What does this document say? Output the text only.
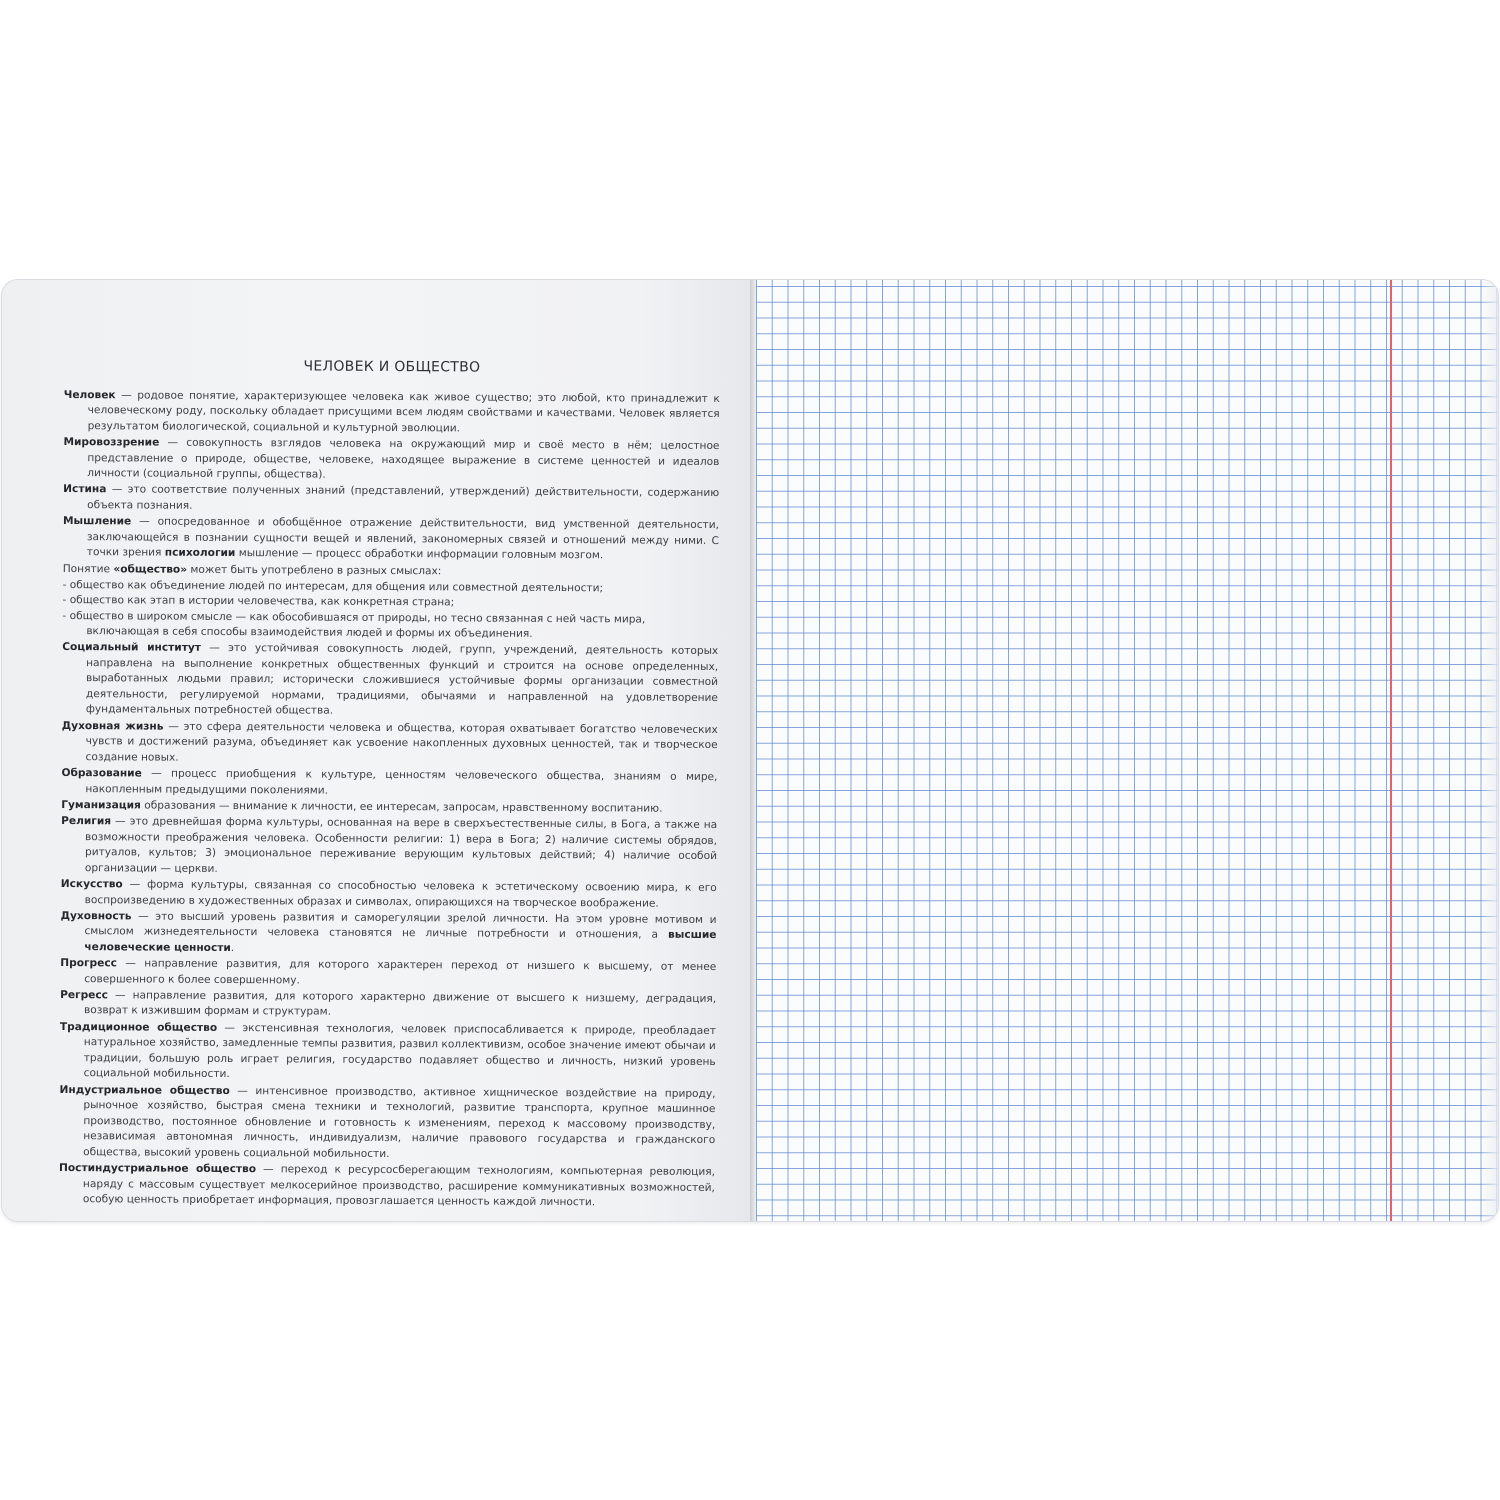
ЧЕЛОВЕК И ОБЩЕСТВО

Человек — родовое понятие, характеризующее человека как живое существо; это любой, кто принадлежит к человеческому роду, поскольку обладает присущими всем людям свойствами и качествами. Человек является результатом биологической, социальной и культурной эволюции.

Мировоззрение — совокупность взглядов человека на окружающий мир и своё место в нём; целостное представление о природе, обществе, человеке, находящее выражение в системе ценностей и идеалов личности (социальной группы, общества).

Истина — это соответствие полученных знаний (представлений, утверждений) действительности, содержанию объекта познания.

Мышление — опосредованное и обобщённое отражение действительности, вид умственной деятельности, заключающейся в познании сущности вещей и явлений, закономерных связей и отношений между ними. С точки зрения психологии мышление — процесс обработки информации головным мозгом.

Понятие «общество» может быть употреблено в разных смыслах:

- общество как объединение людей по интересам, для общения или совместной деятельности;

- общество как этап в истории человечества, как конкретная страна;

- общество в широком смысле — как обособившаяся от природы, но тесно связанная с ней часть мира, включающая в себя способы взаимодействия людей и формы их объединения.

Социальный институт — это устойчивая совокупность людей, групп, учреждений, деятельность которых направлена на выполнение конкретных общественных функций и строится на основе определенных, выработанных людьми правил; исторически сложившиеся устойчивые формы организации совместной деятельности, регулируемой нормами, традициями, обычаями и направленной на удовлетворение фундаментальных потребностей общества.

Духовная жизнь — это сфера деятельности человека и общества, которая охватывает богатство человеческих чувств и достижений разума, объединяет как усвоение накопленных духовных ценностей, так и творческое создание новых.

Образование — процесс приобщения к культуре, ценностям человеческого общества, знаниям о мире, накопленным предыдущими поколениями.

Гуманизация образования — внимание к личности, ее интересам, запросам, нравственному воспитанию.

Религия — это древнейшая форма культуры, основанная на вере в сверхъестественные силы, в Бога, а также на возможности преображения человека. Особенности религии: 1) вера в Бога; 2) наличие системы обрядов, ритуалов, культов; 3) эмоциональное переживание верующим культовых действий; 4) наличие особой организации — церкви.

Искусство — форма культуры, связанная со способностью человека к эстетическому освоению мира, к его воспроизведению в художественных образах и символах, опирающихся на творческое воображение.

Духовность — это высший уровень развития и саморегуляции зрелой личности. На этом уровне мотивом и смыслом жизнедеятельности человека становятся не личные потребности и отношения, а высшие человеческие ценности.

Прогресс — направление развития, для которого характерен переход от низшего к высшему, от менее совершенного к более совершенному.

Регресс — направление развития, для которого характерно движение от высшего к низшему, деградация, возврат к изжившим формам и структурам.

Традиционное общество — экстенсивная технология, человек приспосабливается к природе, преобладает натуральное хозяйство, замедленные темпы развития, развил коллективизм, особое значение имеют обычаи и традиции, большую роль играет религия, государство подавляет общество и личность, низкий уровень социальной мобильности.

Индустриальное общество — интенсивное производство, активное хищническое воздействие на природу, рыночное хозяйство, быстрая смена техники и технологий, развитие транспорта, крупное машинное производство, постоянное обновление и готовность к изменениям, переход к массовому производству, независимая автономная личность, индивидуализм, наличие правового государства и гражданского общества, высокий уровень социальной мобильности.

Постиндустриальное общество — переход к ресурсосберегающим технологиям, компьютерная революция, наряду с массовым существует мелкосерийное производство, расширение коммуникативных возможностей, особую ценность приобретает информация, провозглашается ценность каждой личности.
